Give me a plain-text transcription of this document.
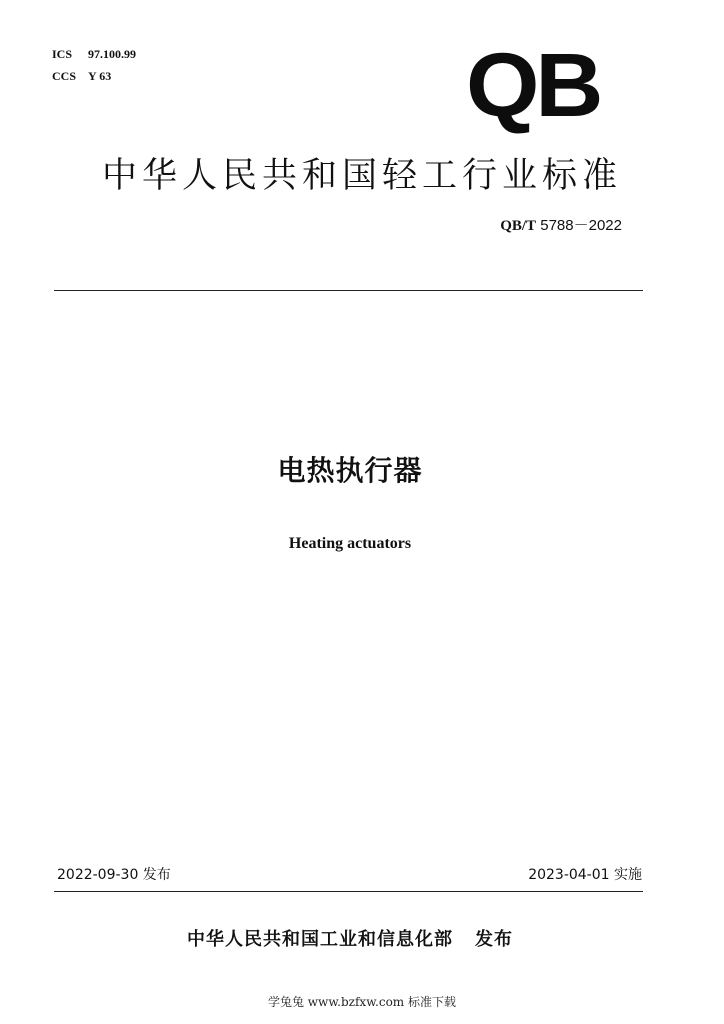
ICS 97.100.99
CCS Y 63	QB
中华人民共和国轻工行业标准
QB/T 5788－2022
电热执行器
Heating actuators
2022-09-30 发布	2023-04-01 实施
中华人民共和国工业和信息化部 发布
学兔兔 www.bzfxw.com 标准下载
